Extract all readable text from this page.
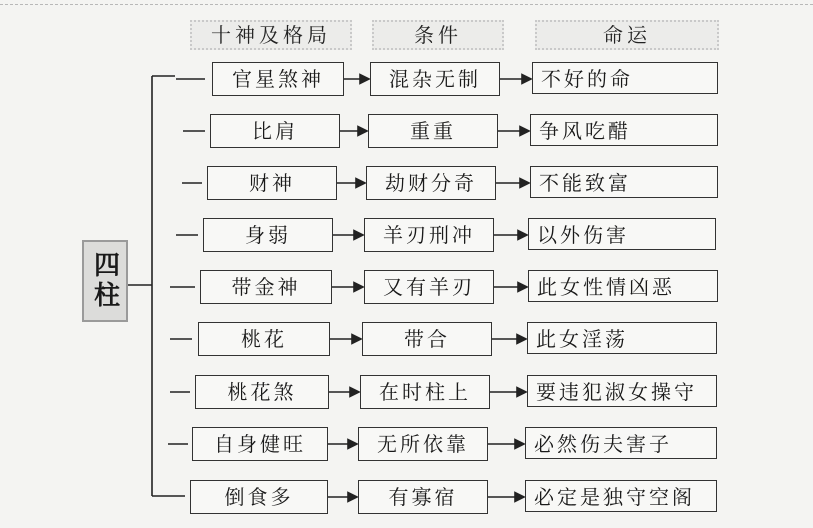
十神及格局	条件	命运
四柱
官星煞神	混杂无制	不好的命
比肩	重重	争风吃醋
财神	劫财分奇	不能致富
身弱	羊刃刑冲	以外伤害
带金神	又有羊刃	此女性情凶恶
桃花	带合	此女淫荡
桃花煞	在时柱上	要违犯淑女操守
自身健旺	无所依靠	必然伤夫害子
倒食多	有寡宿	必定是独守空阁
